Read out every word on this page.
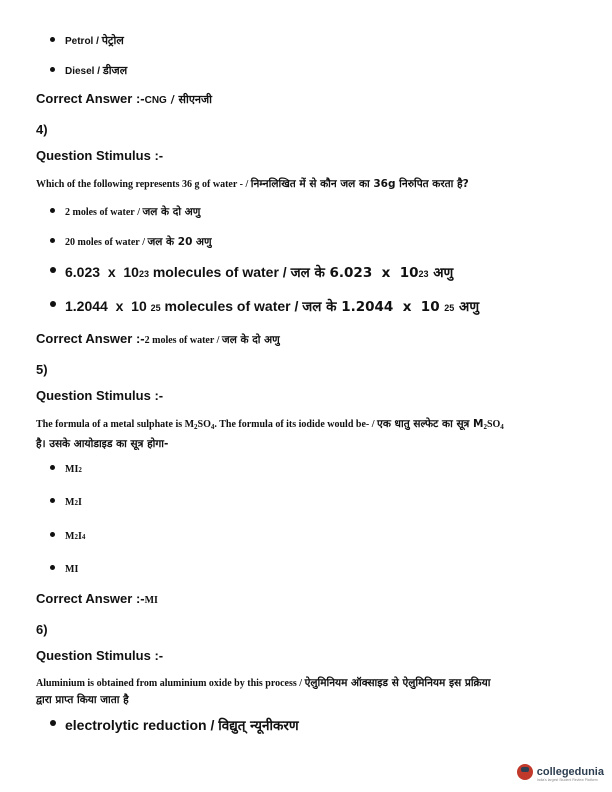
Petrol / पेट्रोल
Diesel / डीजल
Correct Answer :-CNG / सीएनजी
4)
Question Stimulus :-
Which of the following represents 36 g of water - / निम्नलिखित में से कौन जल का 36g निरुपित करता है?
2 moles of water / जल के दो अणु
20 moles of water / जल के 20 अणु
6.023  x  10 23 molecules of water / जल के 6.023  x  10 23 अणु
1.2044  x  10 25 molecules of water / जल के 1.2044  x  10 25 अणु
Correct Answer :-2 moles of water / जल के दो अणु
5)
Question Stimulus :-
The formula of a metal sulphate is $M_2SO_4$. The formula of its iodide would be- / एक धातु सल्फेट का सूत्र $M_2SO_4$
है। उसके आयोडाइड का सूत्र होगा-
MI 2
M 2 I
M 2 I 4
MI
Correct Answer :-MI
6)
Question Stimulus :-
Aluminium is obtained from aluminium oxide by this process / ऐलुमिनियम ऑक्साइड से ऐलुमिनियम इस प्रक्रिया
द्वारा प्राप्त किया जाता है
electrolytic reduction / विद्युत् न्यूनीकरण
collegedunia
India's largest Student Review Platform
